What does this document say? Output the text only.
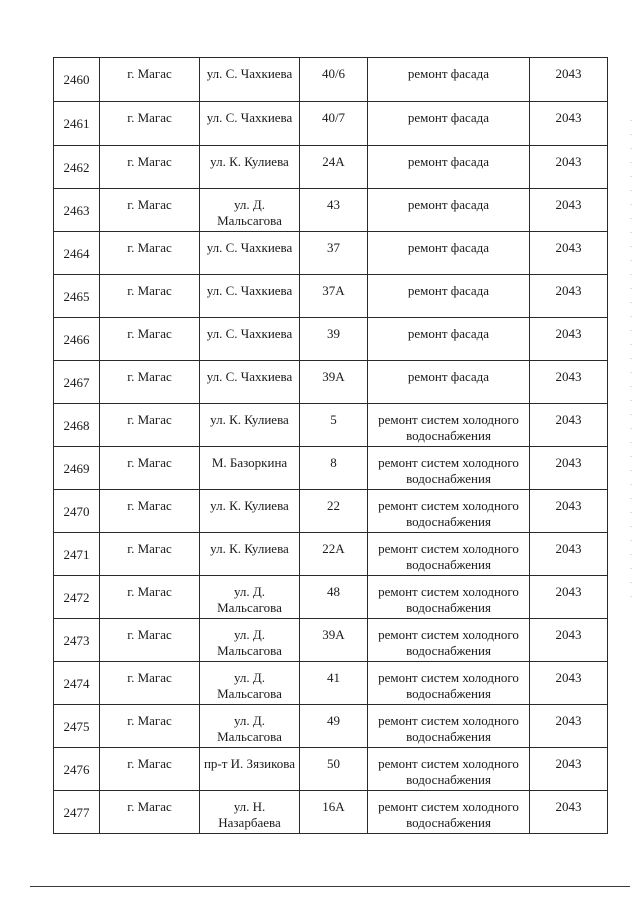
2460	г. Магас	ул. С. Чахкиева	40/6	ремонт фасада	2043
2461	г. Магас	ул. С. Чахкиева	40/7	ремонт фасада	2043
2462	г. Магас	ул. К. Кулиева	24А	ремонт фасада	2043
2463	г. Магас	ул. Д. Мальсагова	43	ремонт фасада	2043
2464	г. Магас	ул. С. Чахкиева	37	ремонт фасада	2043
2465	г. Магас	ул. С. Чахкиева	37А	ремонт фасада	2043
2466	г. Магас	ул. С. Чахкиева	39	ремонт фасада	2043
2467	г. Магас	ул. С. Чахкиева	39А	ремонт фасада	2043
2468	г. Магас	ул. К. Кулиева	5	ремонт систем холодного водоснабжения	2043
2469	г. Магас	М. Базоркина	8	ремонт систем холодного водоснабжения	2043
2470	г. Магас	ул. К. Кулиева	22	ремонт систем холодного водоснабжения	2043
2471	г. Магас	ул. К. Кулиева	22А	ремонт систем холодного водоснабжения	2043
2472	г. Магас	ул. Д. Мальсагова	48	ремонт систем холодного водоснабжения	2043
2473	г. Магас	ул. Д. Мальсагова	39А	ремонт систем холодного водоснабжения	2043
2474	г. Магас	ул. Д. Мальсагова	41	ремонт систем холодного водоснабжения	2043
2475	г. Магас	ул. Д. Мальсагова	49	ремонт систем холодного водоснабжения	2043
2476	г. Магас	пр-т И. Зязикова	50	ремонт систем холодного водоснабжения	2043
2477	г. Магас	ул. Н. Назарбаева	16А	ремонт систем холодного водоснабжения	2043
